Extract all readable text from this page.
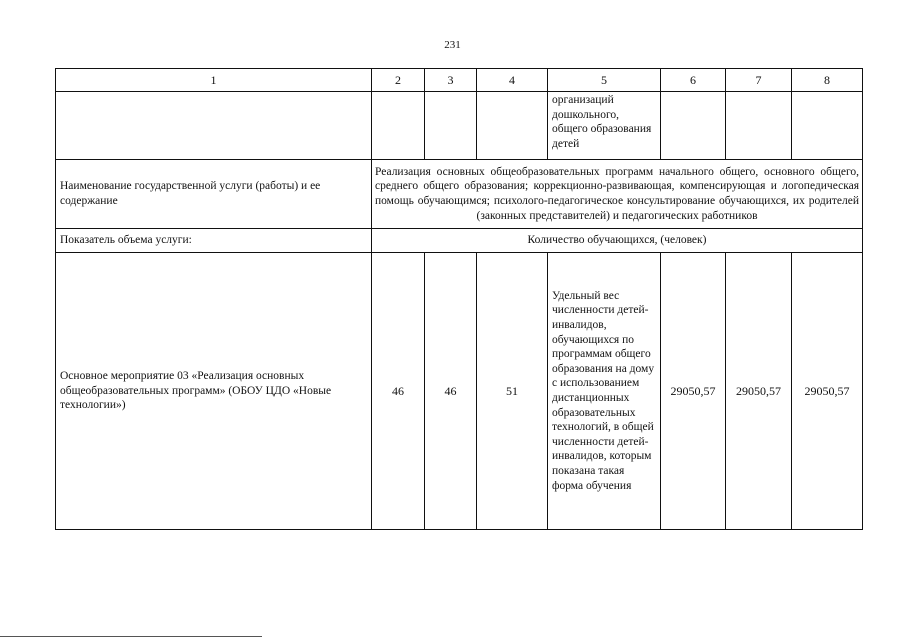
231
1	2	3	4	5	6	7	8
				организаций дошкольного, общего образования детей			
Наименование государственной услуги (работы) и ее содержание	Реализация основных общеобразовательных программ начального общего, основного общего, среднего общего образования; коррекционно-развивающая, компенсирующая и логопедическая помощь обучающимся; психолого-педагогическое консультирование обучающихся, их родителей (законных представителей) и педагогических работников						
Показатель объема услуги:	Количество обучающихся, (человек)						
Основное мероприятие 03 «Реализация основных общеобразовательных программ» (ОБОУ ЦДО «Новые технологии»)	46	46	51	Удельный вес численности детей-инвалидов, обучающихся по программам общего образования на дому с использованием дистанционных образовательных технологий, в общей численности детей-инвалидов, которым показана такая форма обучения	29050,57	29050,57	29050,57
